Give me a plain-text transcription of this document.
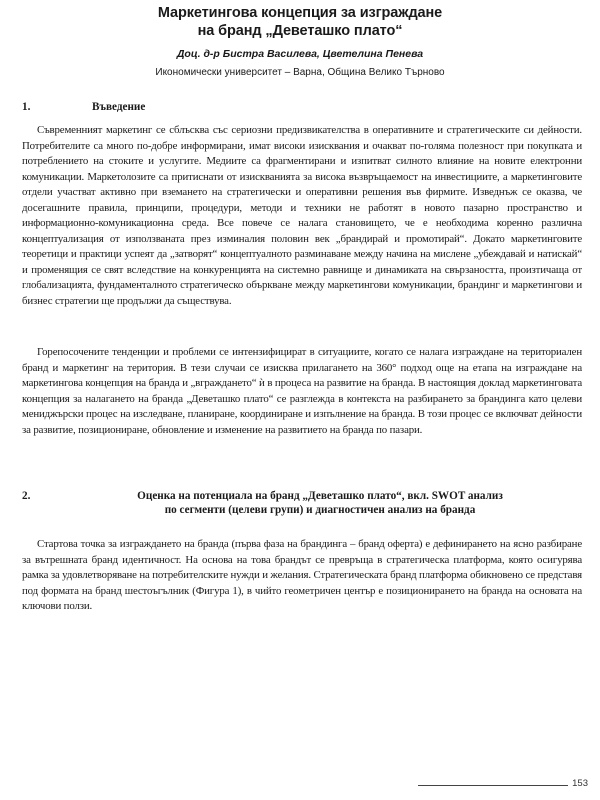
Маркетингова концепция за изграждане
на бранд „Деветашко плато“
Доц. д-р Бистра Василева, Цветелина Пенева
Икономически университет – Варна, Община Велико Търново
1.	Въведение

Съвременният маркетинг се сблъсква със сериозни предизвикателства в оперативните и стратегическите си дейности. Потребителите са много по-добре информирани, имат високи изисквания и очакват по-голяма полезност при покупката и потреблението на стоките и услугите. Медиите са фрагментирани и изпитват силното влияние на новите електронни комуникации. Маркетолозите са притиснати от изискванията за висока възвръщаемост на инвестициите, а маркетинговите отдели участват активно при вземането на стратегически и оперативни решения във фирмите. Изведнъж се оказва, че досегашните правила, принципи, процедури, методи и техники не работят в новото пазарно пространство и информационно-комуникационна среда. Все повече се налага становището, че е необходима коренно различна концептуализация от използваната през изминалия половин век „брандирай и промотирай“. Докато маркетинговите теоретици и практици успеят да „затворят“ концептуалното разминаване между начина на мислене „убеждавай и натискай“ и променящия се свят вследствие на конкуренцията на системно равнище и динамиката на свързаността, произтичаща от глобализацията, фундаменталното стратегическо объркване между маркетингови комуникации, брандинг и маркетингови и бизнес стратегии ще продължи да съществува.

Горепосочените тенденции и проблеми се интензифицират в ситуациите, когато се налага изграждане на териториален бранд и маркетинг на територия. В тези случаи се изисква прилагането на 360° подход още на етапа на изграждане на маркетингова концепция на бранда и „вграждането“ ѝ в процеса на развитие на бранда. В настоящия доклад маркетинговата концепция за налагането на бранда „Деветашко плато“ се разглежда в контекста на разбирането за брандинга като целеви мениджърски процес на изследване, планиране, координиране и изпълнение на бранда. В този процес се включват дейности за развитие, позициониране, обновление и изменение на развитието на бранда по пазари.

2.	Оценка на потенциала на бранд „Деветашко плато“, вкл. SWOT анализ
по сегменти (целеви групи) и диагностичен анализ на бранда

Стартова точка за изграждането на бранда (първа фаза на брандинга – бранд оферта) е дефинирането на ясно разбиране за вътрешната бранд идентичност. На основа на това брандът се превръща в стратегическа платформа, която осигурява рамка за удовлетворяване на потребителските нужди и желания. Стратегическата бранд платформа обикновено се представя под формата на бранд шестоъгълник (Фигура 1), в чийто геометричен център е позиционирането на бранда на основата на ключови ползи.

153
